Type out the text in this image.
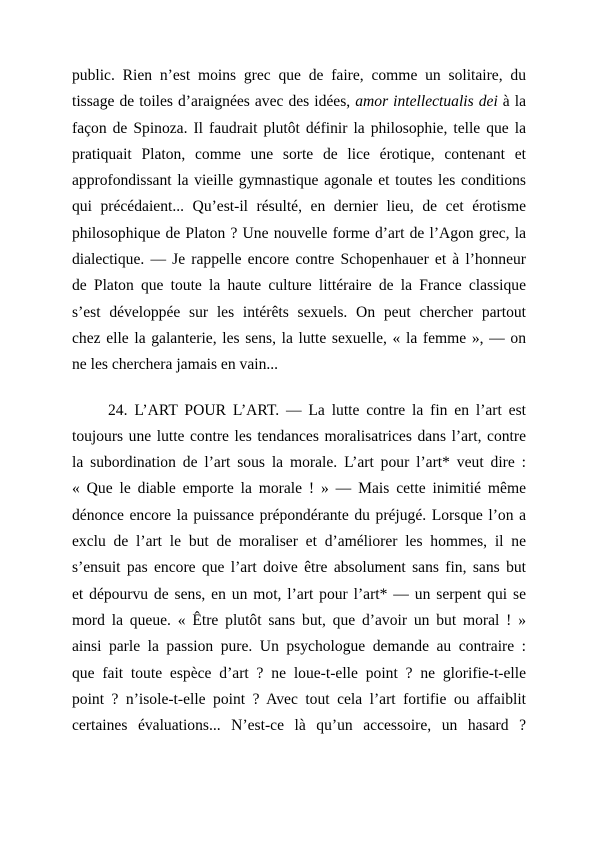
public. Rien n’est moins grec que de faire, comme un solitaire, du

tissage de toiles d’araignées avec des idées, amor intellectualis dei à la

façon de Spinoza. Il faudrait plutôt définir la philosophie, telle que la

pratiquait Platon, comme une sorte de lice érotique, contenant et

approfondissant la vieille gymnastique agonale et toutes les conditions

qui précédaient... Qu’est-il résulté, en dernier lieu, de cet érotisme

philosophique de Platon ? Une nouvelle forme d’art de l’Agon grec, la

dialectique. — Je rappelle encore contre Schopenhauer et à l’honneur

de Platon que toute la haute culture littéraire de la France classique

s’est développée sur les intérêts sexuels. On peut chercher partout

chez elle la galanterie, les sens, la lutte sexuelle, « la femme », — on

ne les cherchera jamais en vain...

24. L’ART POUR L’ART. — La lutte contre la fin en l’art est

toujours une lutte contre les tendances moralisatrices dans l’art, contre

la subordination de l’art sous la morale. L’art pour l’art* veut dire :

« Que le diable emporte la morale ! » — Mais cette inimitié même

dénonce encore la puissance prépondérante du préjugé. Lorsque l’on a

exclu de l’art le but de moraliser et d’améliorer les hommes, il ne

s’ensuit pas encore que l’art doive être absolument sans fin, sans but

et dépourvu de sens, en un mot, l’art pour l’art* — un serpent qui se

mord la queue. « Être plutôt sans but, que d’avoir un but moral ! »

ainsi parle la passion pure. Un psychologue demande au contraire :

que fait toute espèce d’art ? ne loue-t-elle point ? ne glorifie-t-elle

point ? n’isole-t-elle point ? Avec tout cela l’art fortifie ou affaiblit

certaines évaluations... N’est-ce là qu’un accessoire, un hasard ?
